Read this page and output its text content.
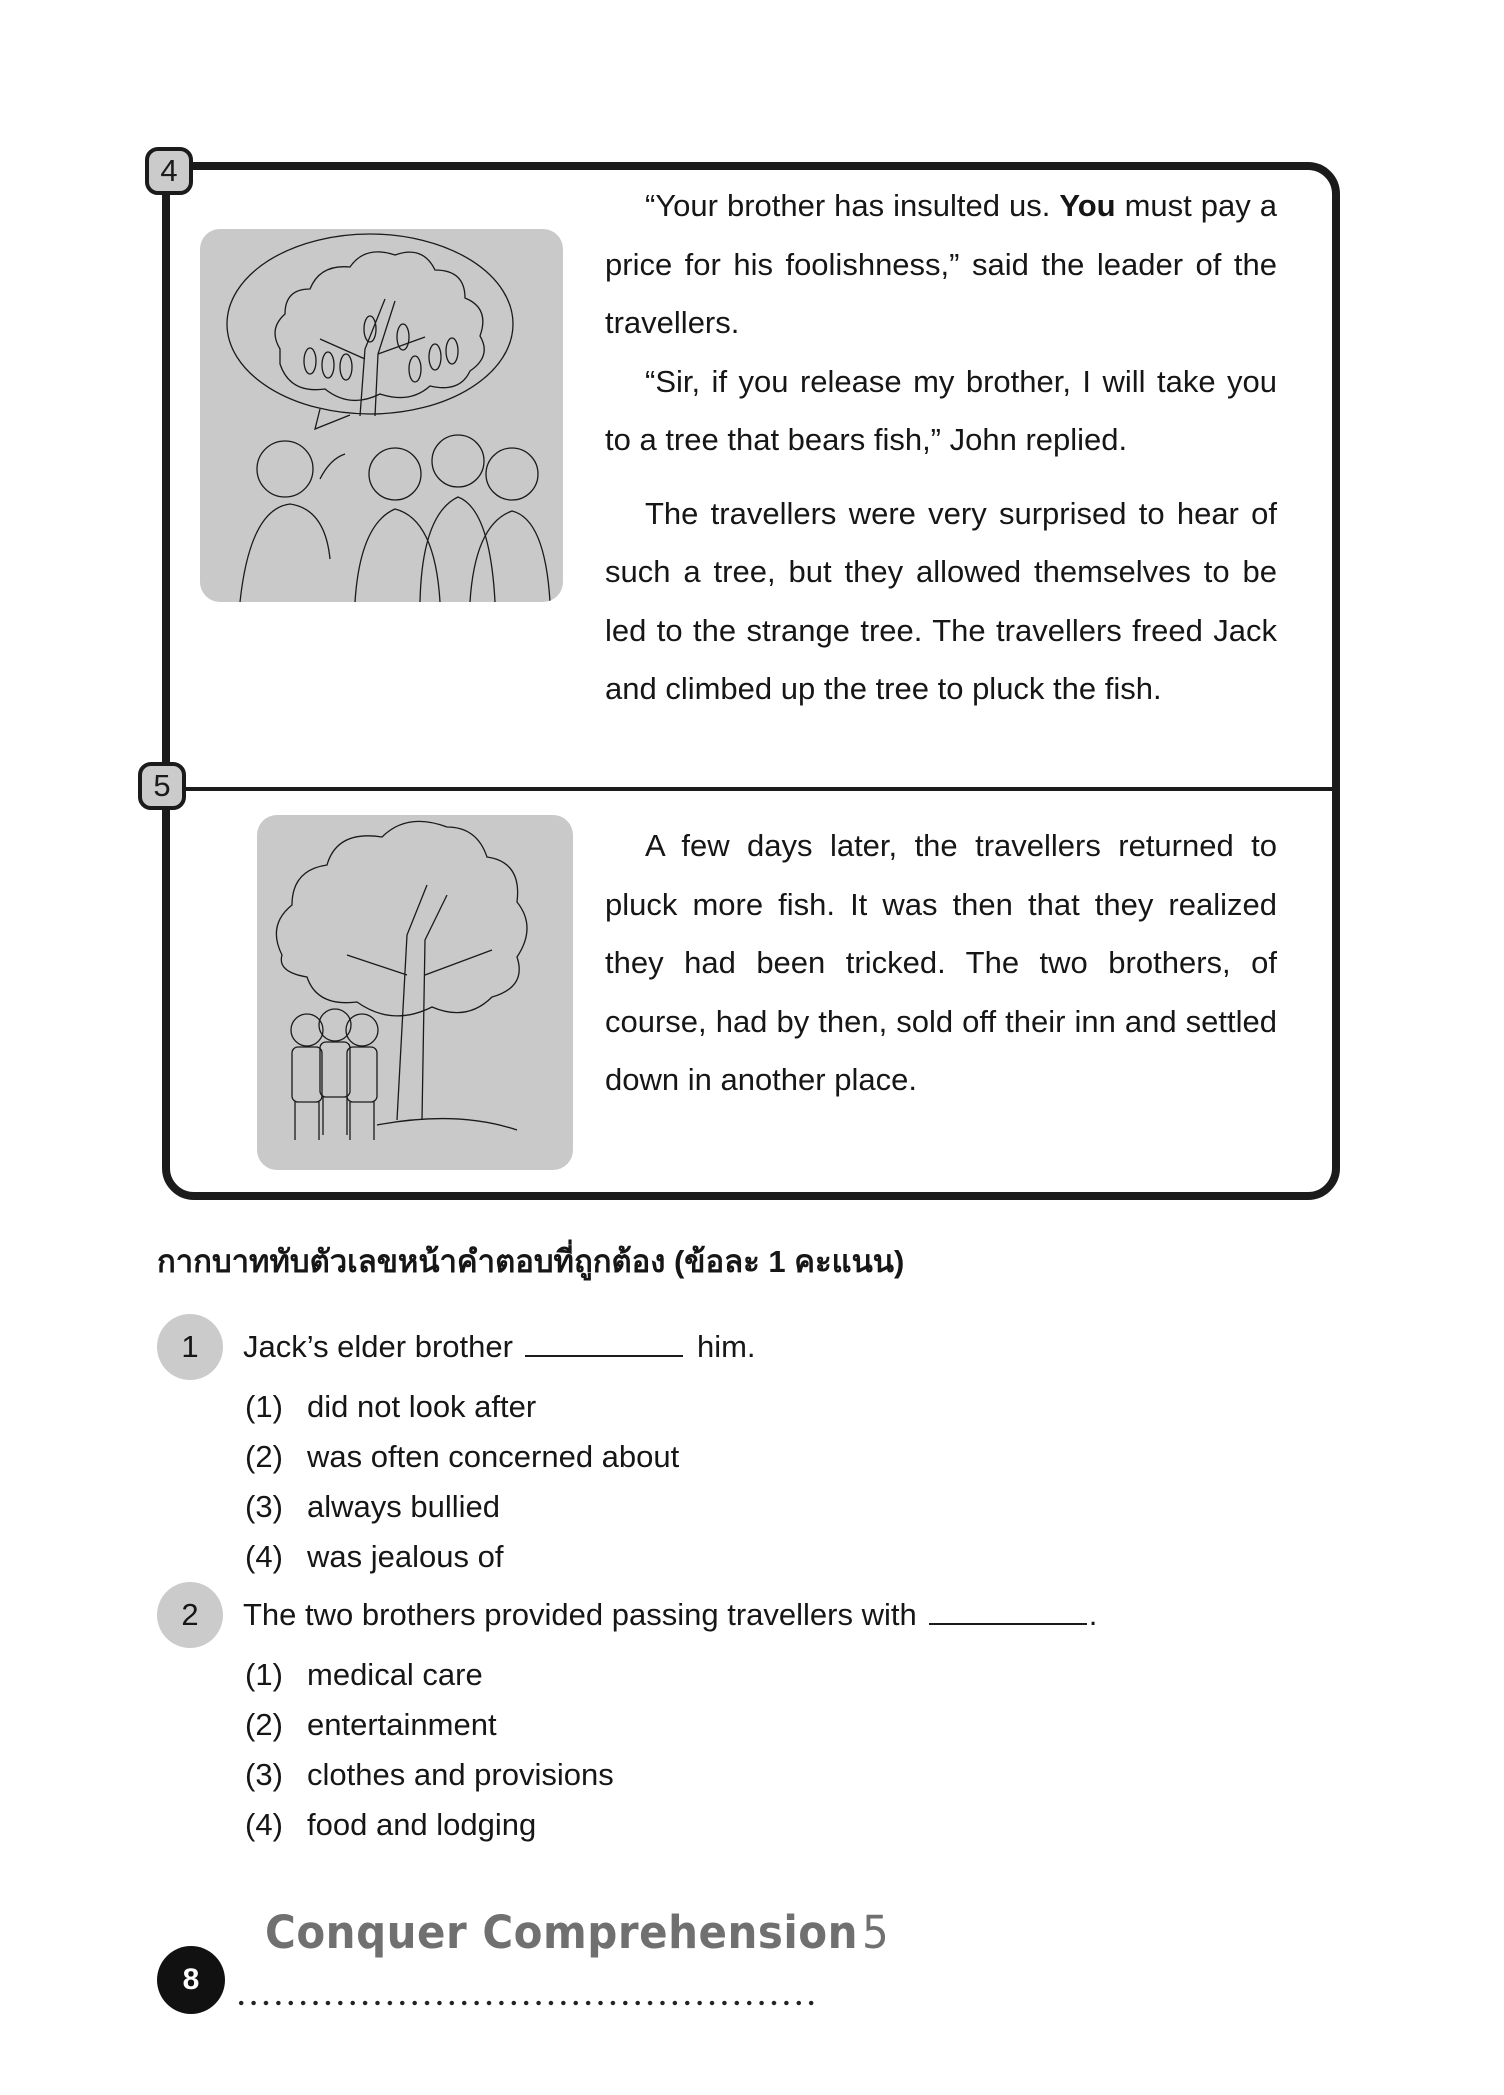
4
5

“Your brother has insulted us. You must pay a price for his foolishness,” said the leader of the travellers.

“Sir, if you release my brother, I will take you to a tree that bears fish,” John replied.

The travellers were very surprised to hear of such a tree, but they allowed themselves to be led to the strange tree. The travellers freed Jack and climbed up the tree to pluck the fish.

A few days later, the travellers returned to pluck more fish. It was then that they realized they had been tricked. The two brothers, of course, had by then, sold off their inn and settled down in another place.

กากบาททับตัวเลขหน้าคำตอบที่ถูกต้อง (ข้อละ 1 คะแนน)
1	Jack’s elder brother	him.
(1) did not look after
(2) was often concerned about
(3) always bullied
(4) was jealous of
2	The two brothers provided passing travellers with	.
(1) medical care
(2) entertainment
(3) clothes and provisions
(4) food and lodging
Conquer Comprehension5
8
